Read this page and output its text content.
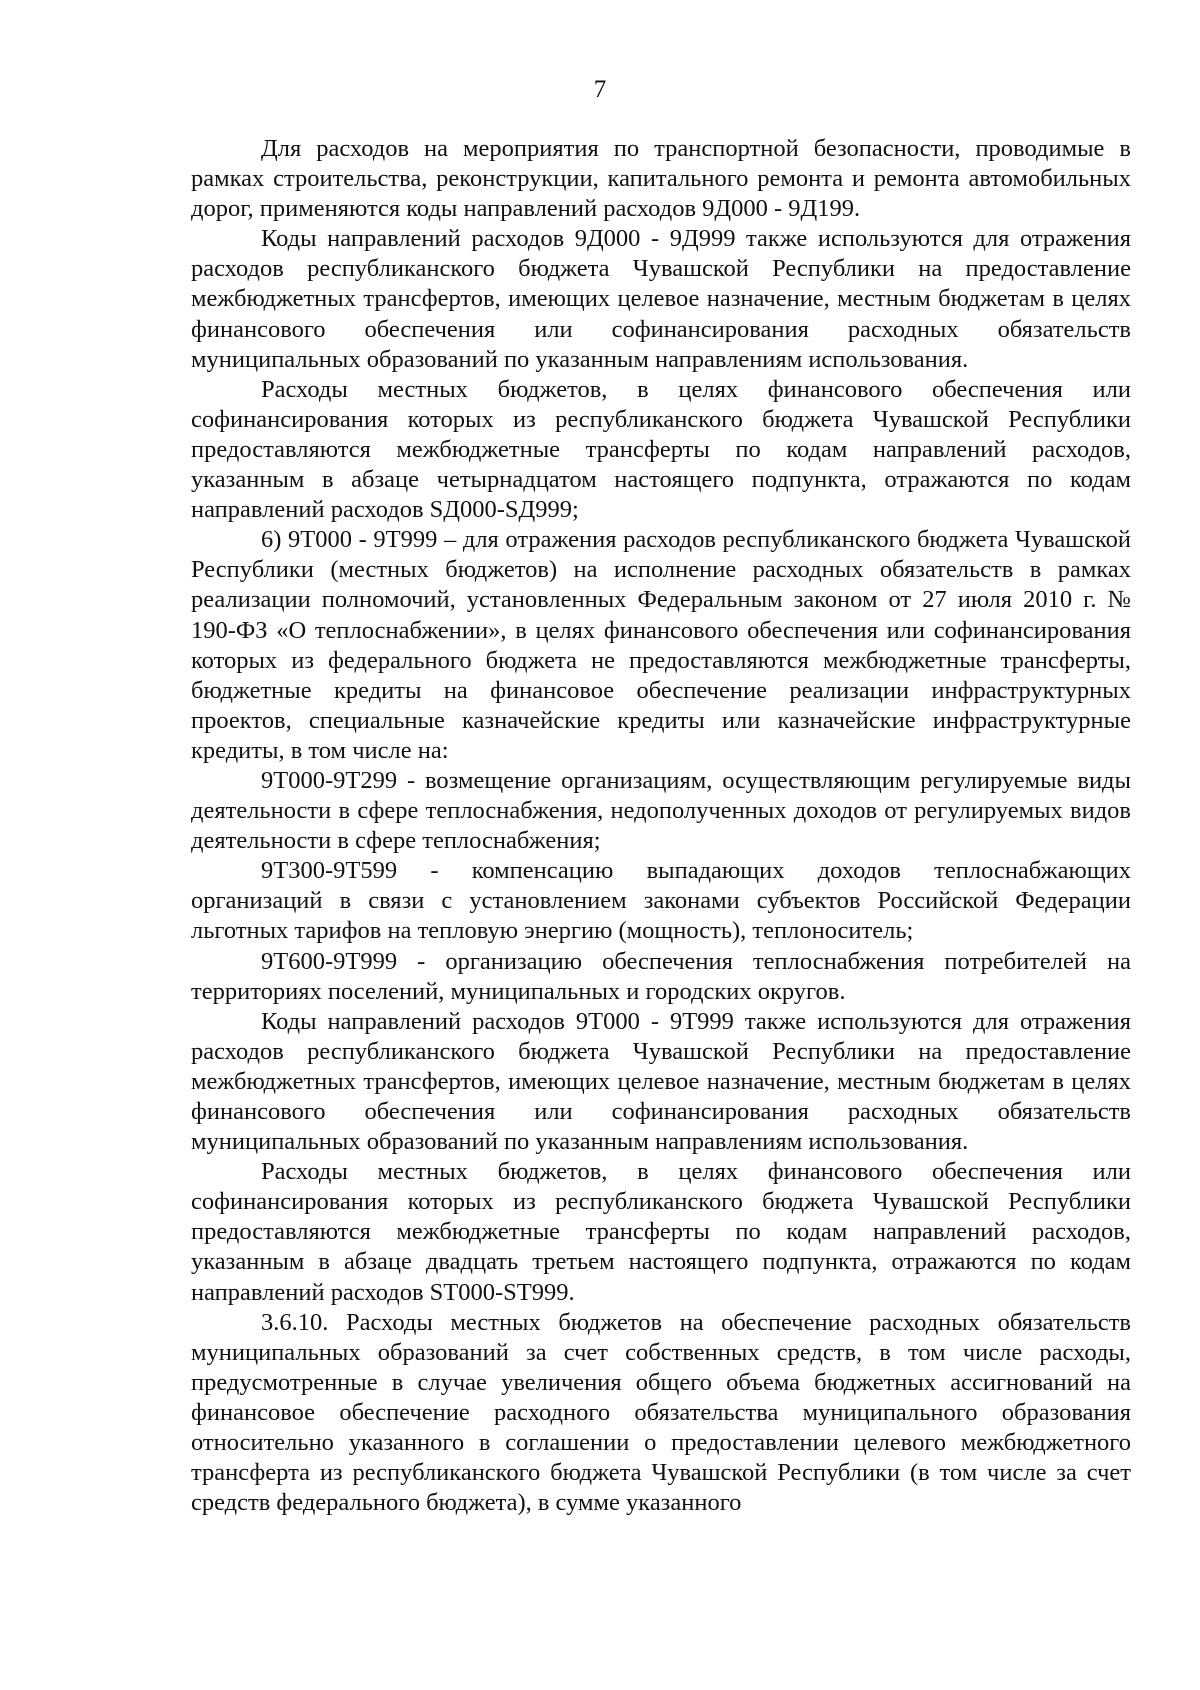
7

Для расходов на мероприятия по транспортной безопасности, проводимые в рамках строительства, реконструкции, капитального ремонта и ремонта автомобильных дорог, применяются коды направлений расходов 9Д000 - 9Д199.

Коды направлений расходов 9Д000 - 9Д999 также используются для отражения расходов республиканского бюджета Чувашской Республики на предоставление межбюджетных трансфертов, имеющих целевое назначение, местным бюджетам в целях финансового обеспечения или софинансирования расходных обязательств муниципальных образований по указанным направлениям использования.

Расходы местных бюджетов, в целях финансового обеспечения или софинансирования которых из республиканского бюджета Чувашской Республики предоставляются межбюджетные трансферты по кодам направлений расходов, указанным в абзаце четырнадцатом настоящего подпункта, отражаются по кодам направлений расходов SД000-SД999;

6) 9Т000 - 9Т999 – для отражения расходов республиканского бюджета Чувашской Республики (местных бюджетов) на исполнение расходных обязательств в рамках реализации полномочий, установленных Федеральным законом от 27 июля 2010 г. № 190-ФЗ «О теплоснабжении», в целях финансового обеспечения или софинансирования которых из федерального бюджета не предоставляются межбюджетные трансферты, бюджетные кредиты на финансовое обеспечение реализации инфраструктурных проектов, специальные казначейские кредиты или казначейские инфраструктурные кредиты, в том числе на:

9Т000-9Т299 - возмещение организациям, осуществляющим регулируемые виды деятельности в сфере теплоснабжения, недополученных доходов от регулируемых видов деятельности в сфере теплоснабжения;

9Т300-9Т599 - компенсацию выпадающих доходов теплоснабжающих организаций в связи с установлением законами субъектов Российской Федерации льготных тарифов на тепловую энергию (мощность), теплоноситель;

9Т600-9Т999 - организацию обеспечения теплоснабжения потребителей на территориях поселений, муниципальных и городских округов.

Коды направлений расходов 9Т000 - 9Т999 также используются для отражения расходов республиканского бюджета Чувашской Республики на предоставление межбюджетных трансфертов, имеющих целевое назначение, местным бюджетам в целях финансового обеспечения или софинансирования расходных обязательств муниципальных образований по указанным направлениям использования.

Расходы местных бюджетов, в целях финансового обеспечения или софинансирования которых из республиканского бюджета Чувашской Республики предоставляются межбюджетные трансферты по кодам направлений расходов, указанным в абзаце двадцать третьем настоящего подпункта, отражаются по кодам направлений расходов ST000-ST999.

3.6.10. Расходы местных бюджетов на обеспечение расходных обязательств муниципальных образований за счет собственных средств, в том числе расходы, предусмотренные в случае увеличения общего объема бюджетных ассигнований на финансовое обеспечение расходного обязательства муниципального образования относительно указанного в соглашении о предоставлении целевого межбюджетного трансферта из республиканского бюджета Чувашской Республики (в том числе за счет средств федерального бюджета), в сумме указанного
